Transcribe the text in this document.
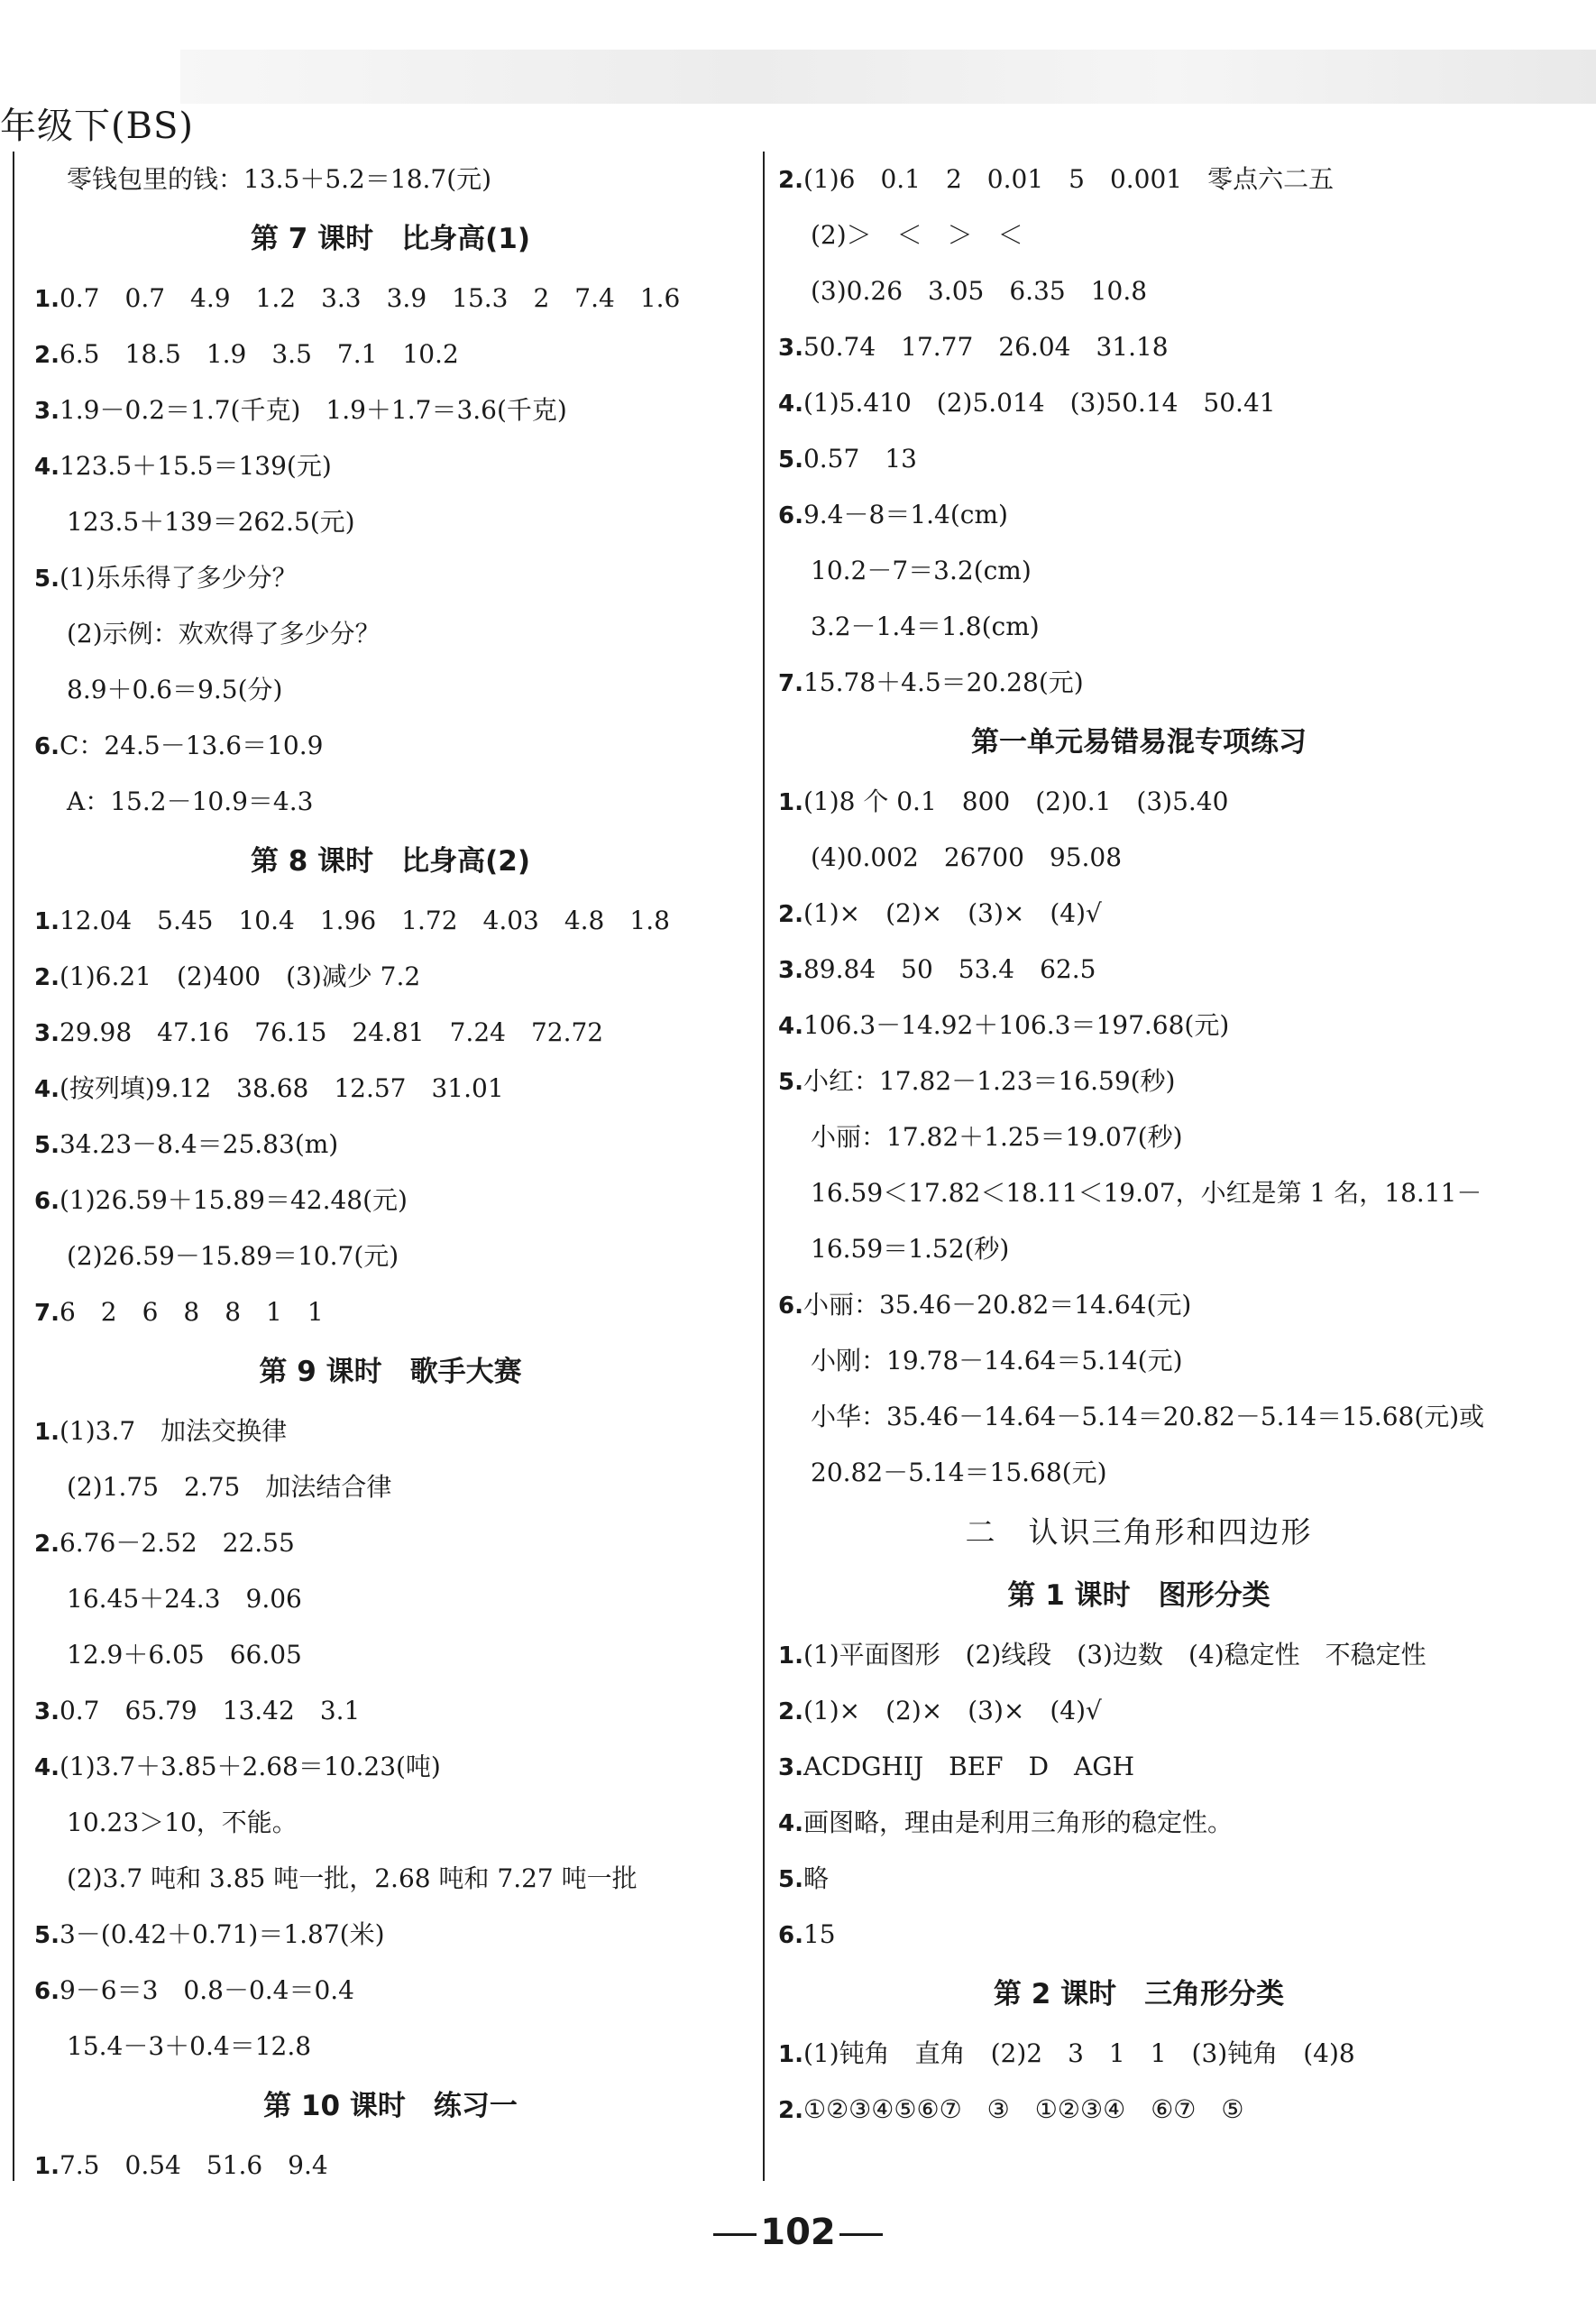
年级下(BS)
零钱包里的钱：13.5＋5.2＝18.7(元)
第 7 课时　比身高(1)
1.0.7　0.7　4.9　1.2　3.3　3.9　15.3　2　7.4　1.6
2.6.5　18.5　1.9　3.5　7.1　10.2
3.1.9－0.2＝1.7(千克)　1.9＋1.7＝3.6(千克)
4.123.5＋15.5＝139(元)
123.5＋139＝262.5(元)
5.(1)乐乐得了多少分？
(2)示例：欢欢得了多少分？
8.9＋0.6＝9.5(分)
6.C：24.5－13.6＝10.9
A：15.2－10.9＝4.3
第 8 课时　比身高(2)
1.12.04　5.45　10.4　1.96　1.72　4.03　4.8　1.8
2.(1)6.21　(2)400　(3)减少 7.2
3.29.98　47.16　76.15　24.81　7.24　72.72
4.(按列填)9.12　38.68　12.57　31.01
5.34.23－8.4＝25.83(m)
6.(1)26.59＋15.89＝42.48(元)
(2)26.59－15.89＝10.7(元)
7.6　2　6　8　8　1　1
第 9 课时　歌手大赛
1.(1)3.7　加法交换律
(2)1.75　2.75　加法结合律
2.6.76－2.52　22.55
16.45＋24.3　9.06
12.9＋6.05　66.05
3.0.7　65.79　13.42　3.1
4.(1)3.7＋3.85＋2.68＝10.23(吨)
10.23＞10，不能。
(2)3.7 吨和 3.85 吨一批，2.68 吨和 7.27 吨一批
5.3－(0.42＋0.71)＝1.87(米)
6.9－6＝3　0.8－0.4＝0.4
15.4－3＋0.4＝12.8
第 10 课时　练习一
1.7.5　0.54　51.6　9.4
2.(1)6　0.1　2　0.01　5　0.001　零点六二五
(2)＞　＜　＞　＜
(3)0.26　3.05　6.35　10.8
3.50.74　17.77　26.04　31.18
4.(1)5.410　(2)5.014　(3)50.14　50.41
5.0.57　13
6.9.4－8＝1.4(cm)
10.2－7＝3.2(cm)
3.2－1.4＝1.8(cm)
7.15.78＋4.5＝20.28(元)
第一单元易错易混专项练习
1.(1)8 个 0.1　800　(2)0.1　(3)5.40
(4)0.002　26700　95.08
2.(1)×　(2)×　(3)×　(4)√
3.89.84　50　53.4　62.5
4.106.3－14.92＋106.3＝197.68(元)
5.小红：17.82－1.23＝16.59(秒)
小丽：17.82＋1.25＝19.07(秒)
16.59＜17.82＜18.11＜19.07，小红是第 1 名，18.11－
16.59＝1.52(秒)
6.小丽：35.46－20.82＝14.64(元)
小刚：19.78－14.64＝5.14(元)
小华：35.46－14.64－5.14＝20.82－5.14＝15.68(元)或
20.82－5.14＝15.68(元)
二　认识三角形和四边形
第 1 课时　图形分类
1.(1)平面图形　(2)线段　(3)边数　(4)稳定性　不稳定性
2.(1)×　(2)×　(3)×　(4)√
3.ACDGHIJ　BEF　D　AGH
4.画图略，理由是利用三角形的稳定性。
5.略
6.15
第 2 课时　三角形分类
1.(1)钝角　直角　(2)2　3　1　1　(3)钝角　(4)8
2.①②③④⑤⑥⑦　③　①②③④　⑥⑦　⑤
102
